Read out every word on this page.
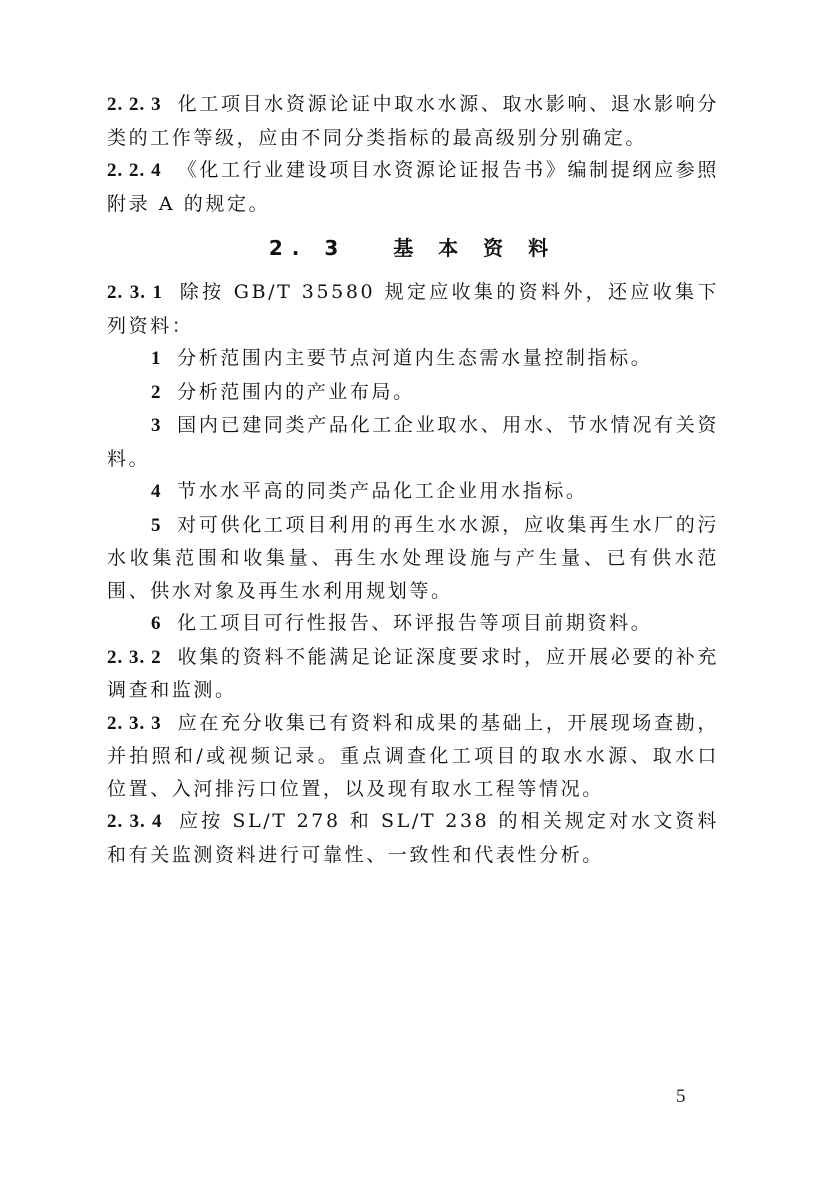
2. 2. 3 化工项目水资源论证中取水水源、取水影响、退水影响分类的工作等级，应由不同分类指标的最高级别分别确定。

2. 2. 4 《化工行业建设项目水资源论证报告书》编制提纲应参照附录 A 的规定。

2. 3 基 本 资 料

2. 3. 1 除按 GB/T 35580 规定应收集的资料外，还应收集下列资料：

1 分析范围内主要节点河道内生态需水量控制指标。

2 分析范围内的产业布局。

3 国内已建同类产品化工企业取水、用水、节水情况有关资料。

4 节水水平高的同类产品化工企业用水指标。

5 对可供化工项目利用的再生水水源，应收集再生水厂的污水收集范围和收集量、再生水处理设施与产生量、已有供水范围、供水对象及再生水利用规划等。

6 化工项目可行性报告、环评报告等项目前期资料。

2. 3. 2 收集的资料不能满足论证深度要求时，应开展必要的补充调查和监测。

2. 3. 3 应在充分收集已有资料和成果的基础上，开展现场查勘，并拍照和/或视频记录。重点调查化工项目的取水水源、取水口位置、入河排污口位置，以及现有取水工程等情况。

2. 3. 4 应按 SL/T 278 和 SL/T 238 的相关规定对水文资料和有关监测资料进行可靠性、一致性和代表性分析。

5
